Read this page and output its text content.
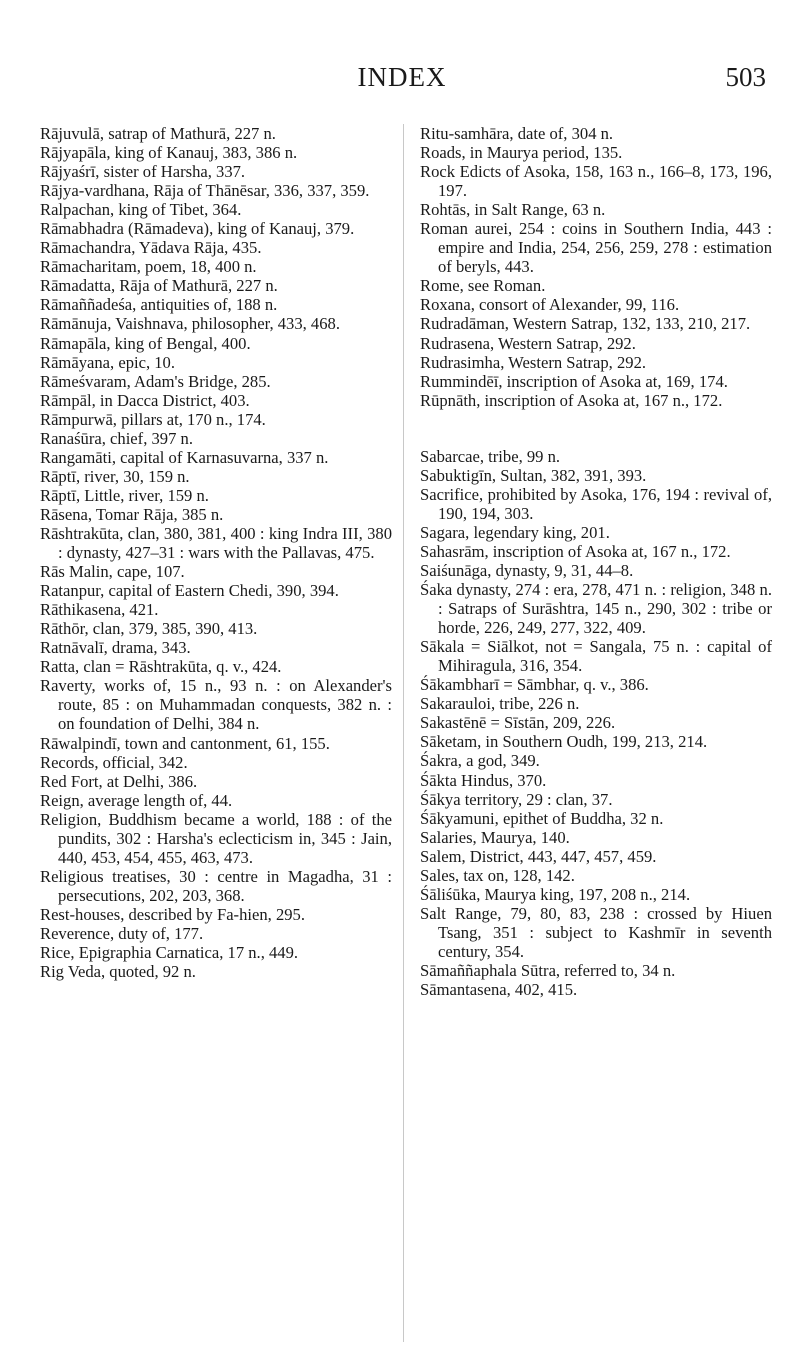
INDEX	503

Rājuvulā, satrap of Mathurā, 227 n.

Rājyapāla, king of Kanauj, 383, 386 n.

Rājyaśrī, sister of Harsha, 337.

Rājya-vardhana, Rāja of Thānēsar, 336, 337, 359.

Ralpachan, king of Tibet, 364.

Rāmabhadra (Rāmadeva), king of Kanauj, 379.

Rāmachandra, Yādava Rāja, 435.

Rāmacharitam, poem, 18, 400 n.

Rāmadatta, Rāja of Mathurā, 227 n.

Rāmaññadeśa, antiquities of, 188 n.

Rāmānuja, Vaishnava, philosopher, 433, 468.

Rāmapāla, king of Bengal, 400.

Rāmāyana, epic, 10.

Rāmeśvaram, Adam's Bridge, 285.

Rāmpāl, in Dacca District, 403.

Rāmpurwā, pillars at, 170 n., 174.

Ranaśūra, chief, 397 n.

Rangamāti, capital of Karnasuvarna, 337 n.

Rāptī, river, 30, 159 n.

Rāptī, Little, river, 159 n.

Rāsena, Tomar Rāja, 385 n.

Rāshtrakūta, clan, 380, 381, 400 : king Indra III, 380 : dynasty, 427–31 : wars with the Pallavas, 475.

Rās Malin, cape, 107.

Ratanpur, capital of Eastern Chedi, 390, 394.

Rāthikasena, 421.

Rāthōr, clan, 379, 385, 390, 413.

Ratnāvalī, drama, 343.

Ratta, clan = Rāshtrakūta, q. v., 424.

Raverty, works of, 15 n., 93 n. : on Alexander's route, 85 : on Muhammadan conquests, 382 n. : on foundation of Delhi, 384 n.

Rāwalpindī, town and cantonment, 61, 155.

Records, official, 342.

Red Fort, at Delhi, 386.

Reign, average length of, 44.

Religion, Buddhism became a world, 188 : of the pundits, 302 : Harsha's eclecticism in, 345 : Jain, 440, 453, 454, 455, 463, 473.

Religious treatises, 30 : centre in Magadha, 31 : persecutions, 202, 203, 368.

Rest-houses, described by Fa-hien, 295.

Reverence, duty of, 177.

Rice, Epigraphia Carnatica, 17 n., 449.

Rig Veda, quoted, 92 n.

Ritu-samhāra, date of, 304 n.

Roads, in Maurya period, 135.

Rock Edicts of Asoka, 158, 163 n., 166–8, 173, 196, 197.

Rohtās, in Salt Range, 63 n.

Roman aurei, 254 : coins in Southern India, 443 : empire and India, 254, 256, 259, 278 : estimation of beryls, 443.

Rome, see Roman.

Roxana, consort of Alexander, 99, 116.

Rudradāman, Western Satrap, 132, 133, 210, 217.

Rudrasena, Western Satrap, 292.

Rudrasimha, Western Satrap, 292.

Rummindēī, inscription of Asoka at, 169, 174.

Rūpnāth, inscription of Asoka at, 167 n., 172.

Sabarcae, tribe, 99 n.

Sabuktigīn, Sultan, 382, 391, 393.

Sacrifice, prohibited by Asoka, 176, 194 : revival of, 190, 194, 303.

Sagara, legendary king, 201.

Sahasrām, inscription of Asoka at, 167 n., 172.

Saiśunāga, dynasty, 9, 31, 44–8.

Śaka dynasty, 274 : era, 278, 471 n. : religion, 348 n. : Satraps of Surāshtra, 145 n., 290, 302 : tribe or horde, 226, 249, 277, 322, 409.

Sākala = Siālkot, not = Sangala, 75 n. : capital of Mihiragula, 316, 354.

Śākambharī = Sāmbhar, q. v., 386.

Sakarauloi, tribe, 226 n.

Sakastēnē = Sīstān, 209, 226.

Sāketam, in Southern Oudh, 199, 213, 214.

Śakra, a god, 349.

Śākta Hindus, 370.

Śākya territory, 29 : clan, 37.

Śākyamuni, epithet of Buddha, 32 n.

Salaries, Maurya, 140.

Salem, District, 443, 447, 457, 459.

Sales, tax on, 128, 142.

Śāliśūka, Maurya king, 197, 208 n., 214.

Salt Range, 79, 80, 83, 238 : crossed by Hiuen Tsang, 351 : subject to Kashmīr in seventh century, 354.

Sāmaññaphala Sūtra, referred to, 34 n.

Sāmantasena, 402, 415.
